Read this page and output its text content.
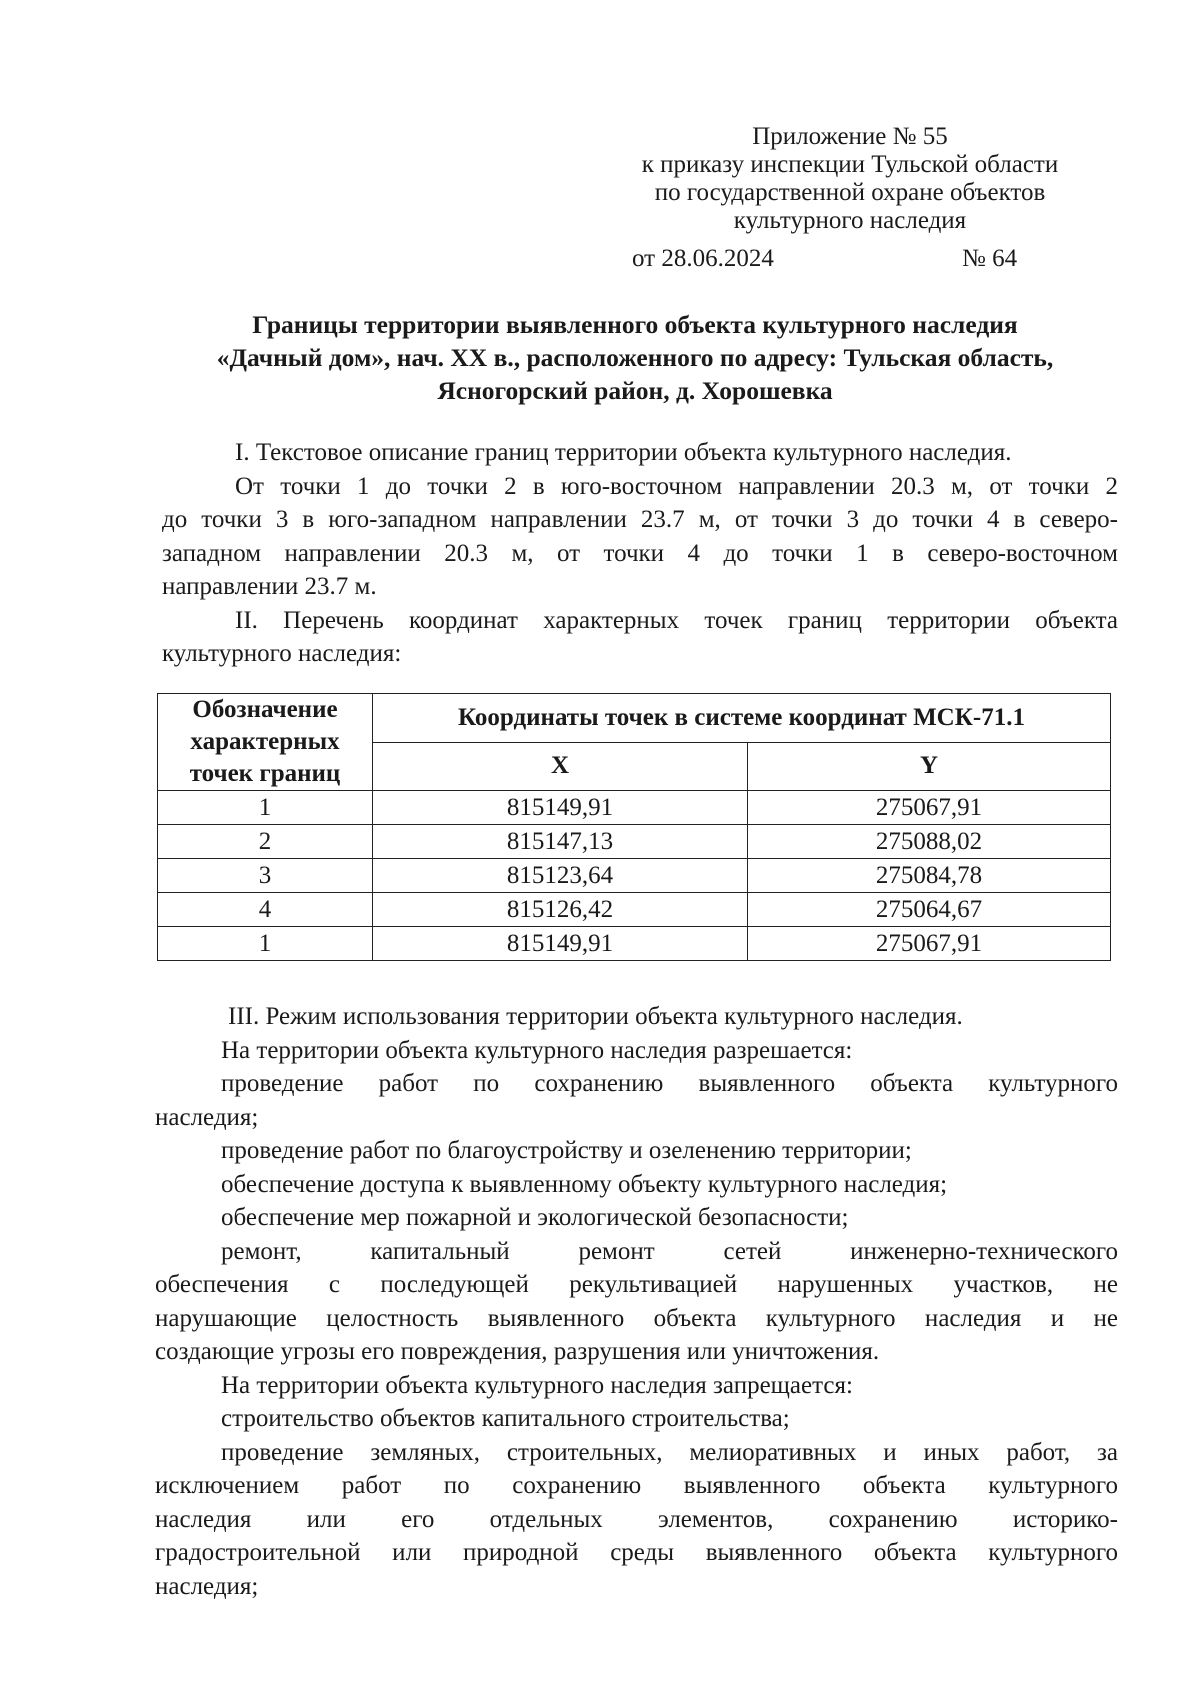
Приложение № 55
к приказу инспекции Тульской области
по государственной охране объектов
культурного наследия
от 28.06.2024	№ 64
Границы территории выявленного объекта культурного наследия
«Дачный дом», нач. XX в., расположенного по адресу: Тульская область,
Ясногорский район, д. Хорошевка
I. Текстовое описание границ территории объекта культурного наследия.
От точки 1 до точки 2 в юго-восточном направлении 20.3 м, от точки 2
до точки 3 в юго-западном направлении 23.7 м, от точки 3 до точки 4 в северо-
западном направлении 20.3 м, от точки 4 до точки 1 в северо-восточном
направлении 23.7 м.
II. Перечень координат характерных точек границ территории объекта
культурного наследия:
Обозначение характерных точек границ	Координаты точек в системе координат МСК-71.1	
	X	Y
1	815149,91	275067,91
2	815147,13	275088,02
3	815123,64	275084,78
4	815126,42	275064,67
1	815149,91	275067,91
III. Режим использования территории объекта культурного наследия.
На территории объекта культурного наследия разрешается:
проведение работ по сохранению выявленного объекта культурного
наследия;
проведение работ по благоустройству и озеленению территории;
обеспечение доступа к выявленному объекту культурного наследия;
обеспечение мер пожарной и экологической безопасности;
ремонт, капитальный ремонт сетей инженерно-технического
обеспечения с последующей рекультивацией нарушенных участков, не
нарушающие целостность выявленного объекта культурного наследия и не
создающие угрозы его повреждения, разрушения или уничтожения.
На территории объекта культурного наследия запрещается:
строительство объектов капитального строительства;
проведение земляных, строительных, мелиоративных и иных работ, за
исключением работ по сохранению выявленного объекта культурного
наследия или его отдельных элементов, сохранению историко-
градостроительной или природной среды выявленного объекта культурного
наследия;
